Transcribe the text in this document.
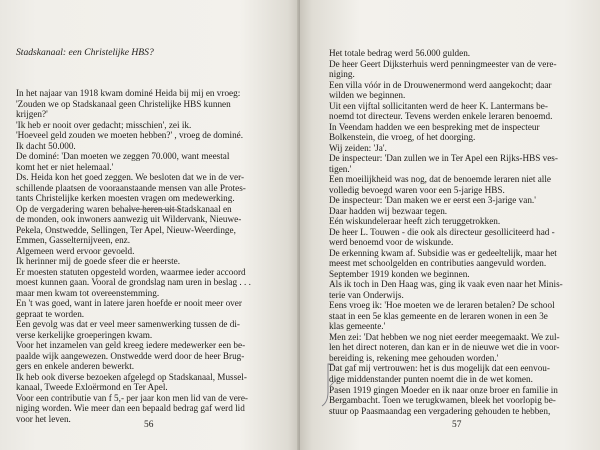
Stadskanaal: een Christelijke HBS?
In het najaar van 1918 kwam dominé Heida bij mij en vroeg:
'Zouden we op Stadskanaal geen Christelijke HBS kunnen
krijgen?'
'Ik heb er nooit over gedacht; misschien', zei ik.
'Hoeveel geld zouden we moeten hebben?' , vroeg de dominé.
Ik dacht 50.000.
De dominé: 'Dan moeten we zeggen 70.000, want meestal
komt het er niet helemaal.'
Ds. Heida kon het goed zeggen. We besloten dat we in de ver-
schillende plaatsen de vooraanstaande mensen van alle Protes-
tants Christelijke kerken moesten vragen om medewerking.
Op de vergadering waren behalve heren uit Stadskanaal en
de monden, ook inwoners aanwezig uit Wildervank, Nieuwe-
Pekela, Onstwedde, Sellingen, Ter Apel, Nieuw-Weerdinge,
Emmen, Gasselternijveen, enz.
Algemeen werd ervoor gevoeld.
Ik herinner mij de goede sfeer die er heerste.
Er moesten statuten opgesteld worden, waarmee ieder accoord
moest kunnen gaan. Vooral de grondslag nam uren in beslag . . .
maar men kwam tot overeenstemming.
En 't was goed, want in latere jaren hoefde er nooit meer over
gepraat te worden.
Een gevolg was dat er veel meer samenwerking tussen de di-
verse kerkelijke groeperingen kwam.
Voor het inzamelen van geld kreeg iedere medewerker een be-
paalde wijk aangewezen. Onstwedde werd door de heer Brug-
gers en enkele anderen bewerkt.
Ik heb ook diverse bezoeken afgelegd op Stadskanaal, Mussel-
kanaal, Tweede Exloërmond en Ter Apel.
Voor een contributie van f 5,- per jaar kon men lid van de vere-
niging worden. Wie meer dan een bepaald bedrag gaf werd lid
voor het leven.

56

Het totale bedrag werd 56.000 gulden.
De heer Geert Dijksterhuis werd penningmeester van de vere-
niging.
Een villa vóór in de Drouwenermond werd aangekocht; daar
wilden we beginnen.
Uit een vijftal sollicitanten werd de heer K. Lantermans be-
noemd tot directeur. Tevens werden enkele leraren benoemd.
In Veendam hadden we een bespreking met de inspecteur
Bolkenstein, die vroeg, of het doorging.
Wij zeiden: 'Ja'.
De inspecteur: 'Dan zullen we in Ter Apel een Rijks-HBS ves-
tigen.'
Een moeilijkheid was nog, dat de benoemde leraren niet alle
volledig bevoegd waren voor een 5-jarige HBS.
De inspecteur: 'Dan maken we er eerst een 3-jarige van.'
Daar hadden wij bezwaar tegen.
Eén wiskundeleraar heeft zich teruggetrokken.
De heer L. Touwen - die ook als directeur gesolliciteerd had -
werd benoemd voor de wiskunde.
De erkenning kwam af. Subsidie was er gedeeltelijk, maar het
meest met schoolgelden en contributies aangevuld worden.
September 1919 konden we beginnen.
Als ik toch in Den Haag was, ging ik vaak even naar het Minis-
terie van Onderwijs.
Eens vroeg ik: 'Hoe moeten we de leraren betalen? De school
staat in een 5e klas gemeente en de leraren wonen in een 3e
klas gemeente.'
Men zei: 'Dat hebben we nog niet eerder meegemaakt. We zul-
len het direct noteren, dan kan er in de nieuwe wet die in voor-
bereiding is, rekening mee gehouden worden.'
Dat gaf mij vertrouwen: het is dus mogelijk dat een eenvou-
dige middenstander punten noemt die in de wet komen.
Pasen 1919 gingen Moeder en ik naar onze broer en familie in
Bergambacht. Toen we terugkwamen, bleek het voorlopig be-
stuur op Paasmaandag een vergadering gehouden te hebben,

57
